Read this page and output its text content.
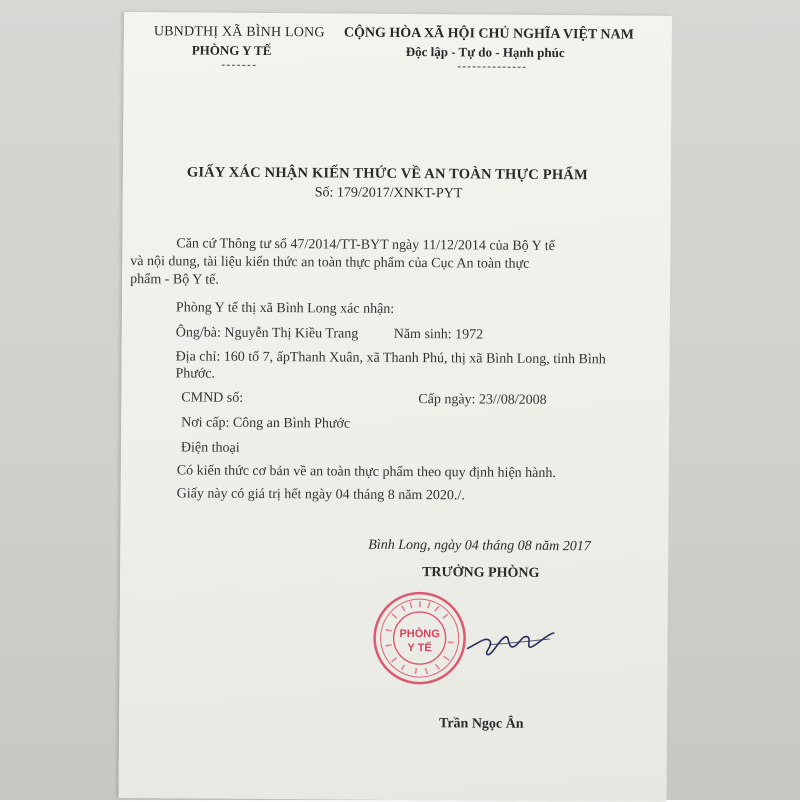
UBNDTHỊ XÃ BÌNH LONG
PHÒNG Y TẾ
CỘNG HÒA XÃ HỘI CHỦ NGHĨA VIỆT NAM
Độc lập - Tự do - Hạnh phúc
GIẤY XÁC NHẬN KIẾN THỨC VỀ AN TOÀN THỰC PHẨM
Số: 179/2017/XNKT-PYT
Căn cứ Thông tư số 47/2014/TT-BYT ngày 11/12/2014 của Bộ Y tế
và nội dung, tài liệu kiến thức an toàn thực phẩm của Cục An toàn thực
phẩm - Bộ Y tế.
Phòng Y tế thị xã Bình Long xác nhận:
Ông/bà: Nguyễn Thị Kiều Trang	Năm sinh: 1972
Địa chỉ: 160 tổ 7, ấpThanh Xuân, xã Thanh Phú, thị xã Bình Long, tỉnh Bình
Phước.
CMND số:	Cấp ngày: 23//08/2008
Nơi cấp: Công an Bình Phước
Điện thoại
Có kiến thức cơ bản về an toàn thực phẩm theo quy định hiện hành.
Giấy này có giá trị hết ngày 04 tháng 8 năm 2020./.
Bình Long, ngày 04 tháng 08 năm 2017
TRƯỞNG PHÒNG
PHÒNG
Y TẾ
Trần Ngọc Ân
